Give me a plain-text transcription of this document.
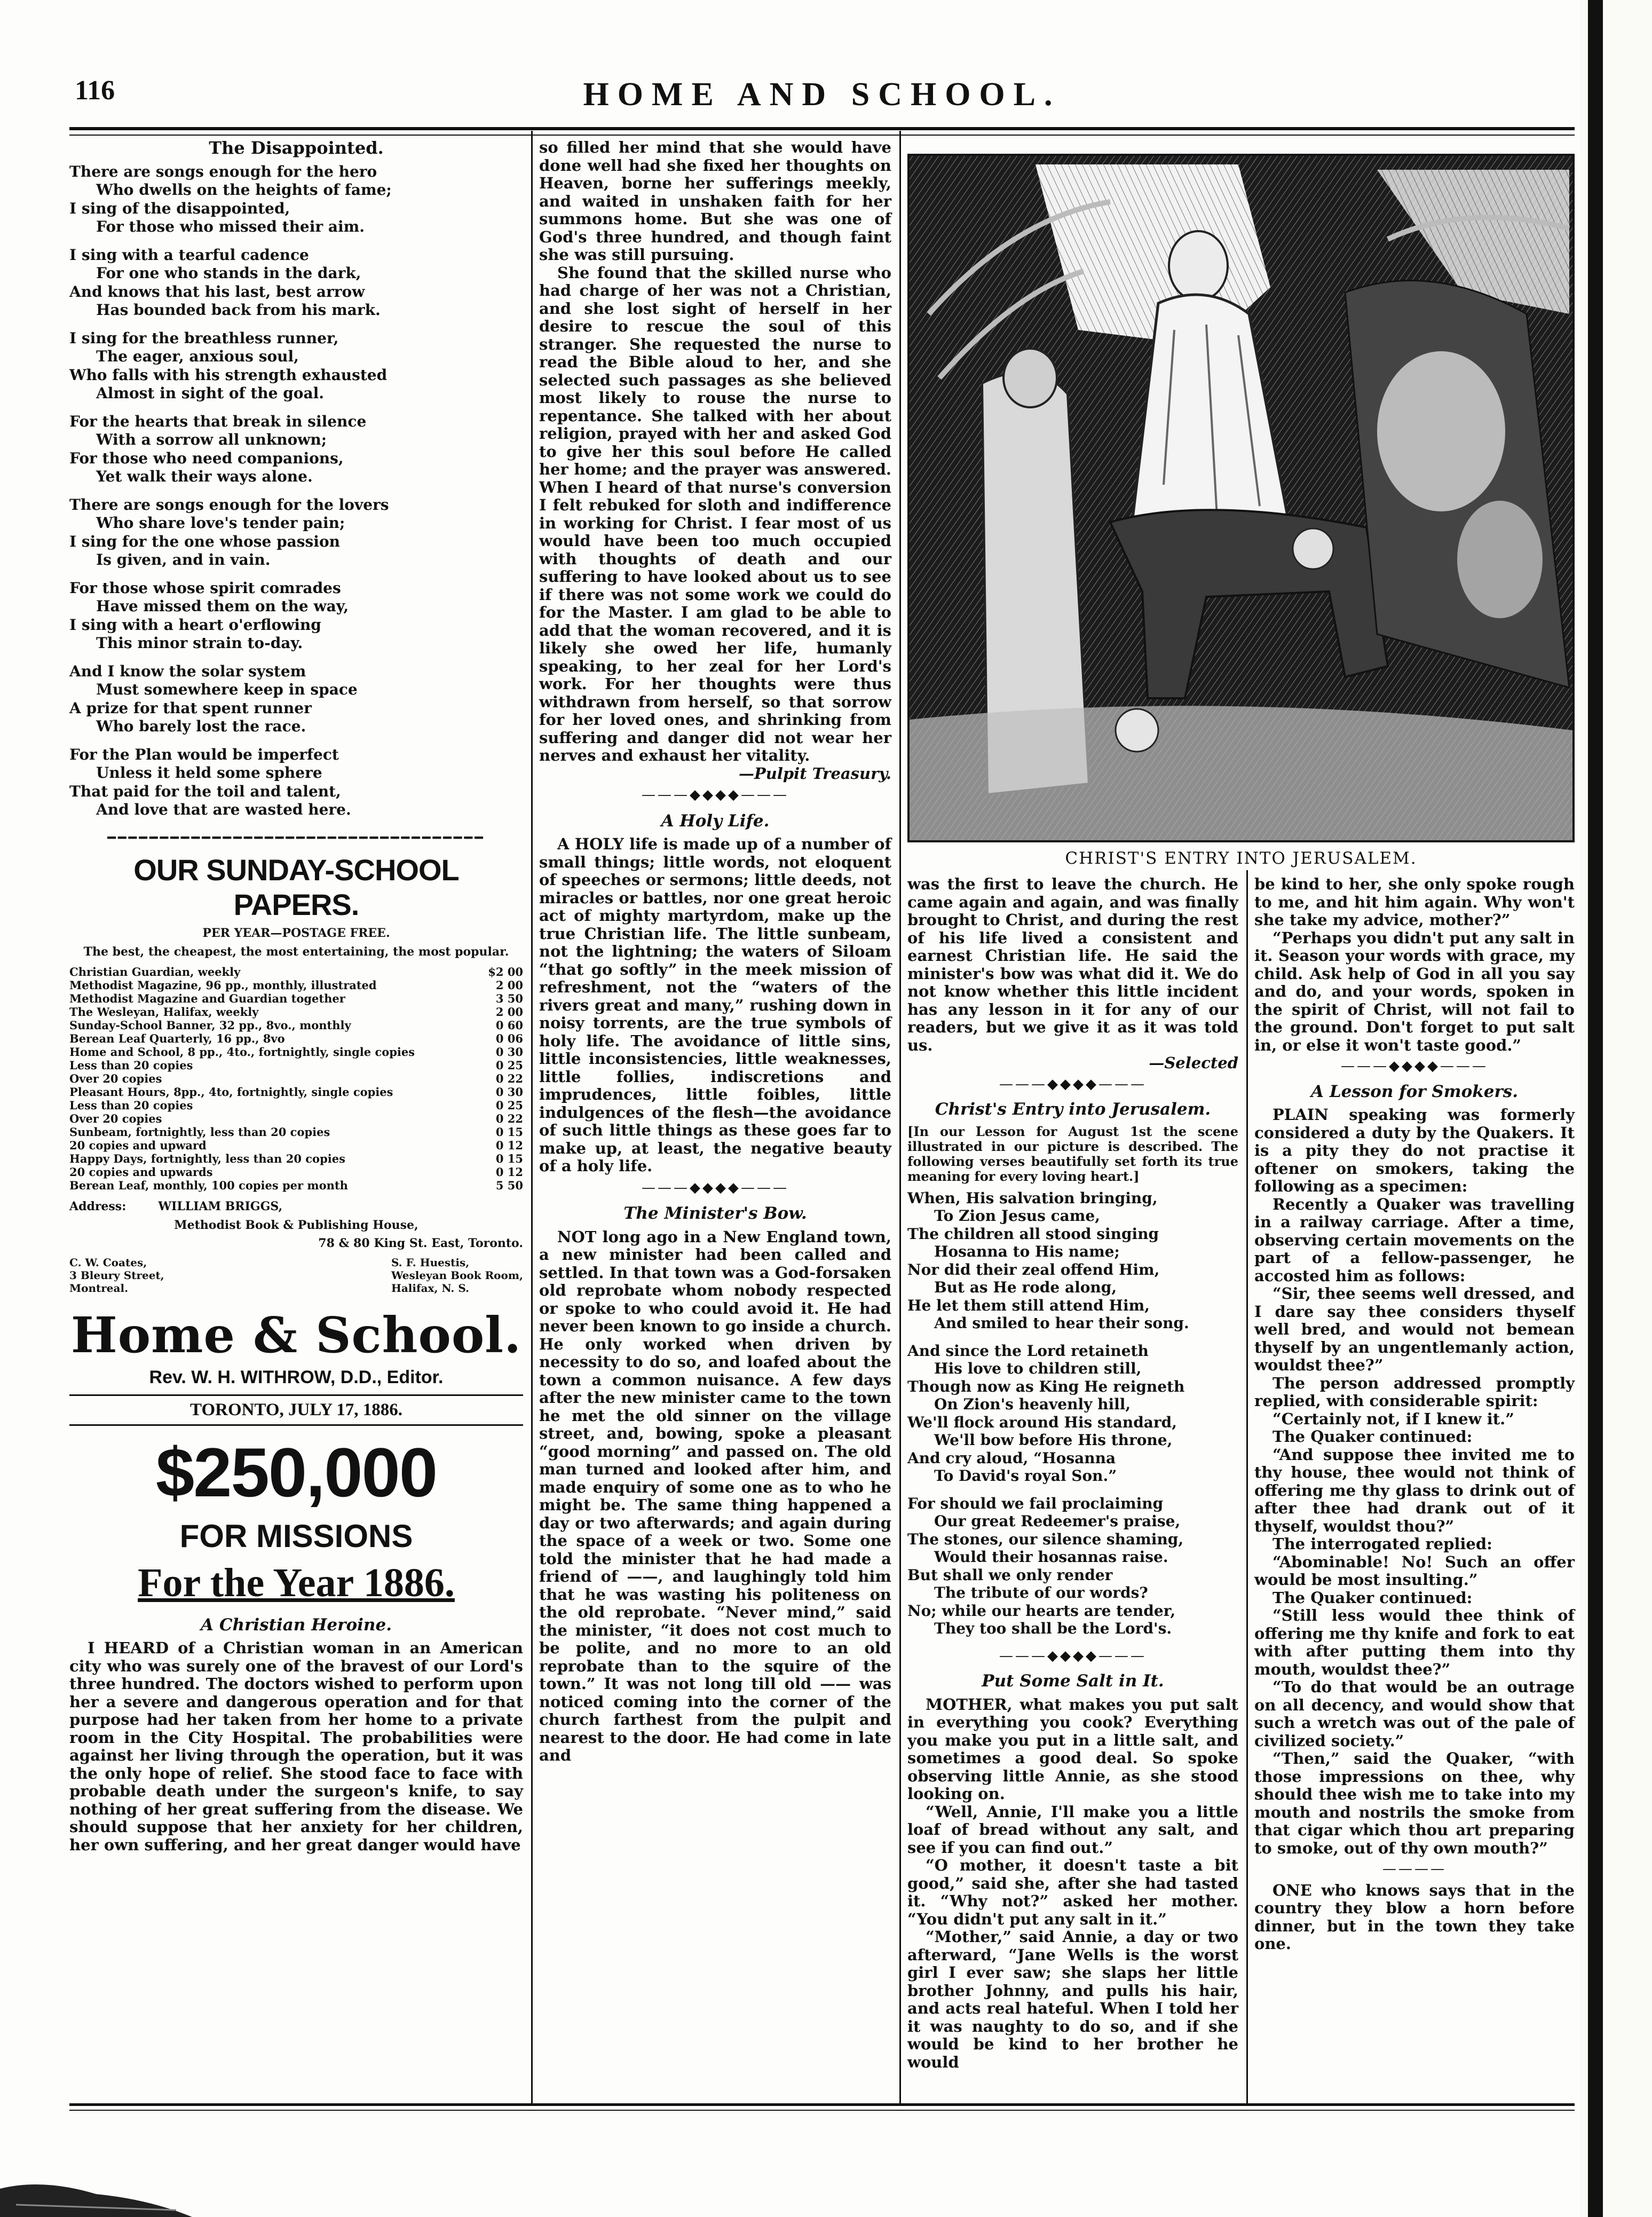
116	HOME AND SCHOOL.
The Disappointed.
There are songs enough for the hero
Who dwells on the heights of fame;
I sing of the disappointed,
For those who missed their aim.
I sing with a tearful cadence
For one who stands in the dark,
And knows that his last, best arrow
Has bounded back from his mark.
I sing for the breathless runner,
The eager, anxious soul,
Who falls with his strength exhausted
Almost in sight of the goal.
For the hearts that break in silence
With a sorrow all unknown;
For those who need companions,
Yet walk their ways alone.
There are songs enough for the lovers
Who share love's tender pain;
I sing for the one whose passion
Is given, and in vain.
For those whose spirit comrades
Have missed them on the way,
I sing with a heart o'erflowing
This minor strain to-day.
And I know the solar system
Must somewhere keep in space
A prize for that spent runner
Who barely lost the race.
For the Plan would be imperfect
Unless it held some sphere
That paid for the toil and talent,
And love that are wasted here.
━━━━━━━━━━━━━━━━━━━━━━━━━━━━━━━━━━━━
OUR SUNDAY-SCHOOL PAPERS.
PER YEAR—POSTAGE FREE.
The best, the cheapest, the most entertaining, the most popular.
Christian Guardian, weekly	$2 00
Methodist Magazine, 96 pp., monthly, illustrated	2 00
Methodist Magazine and Guardian together	3 50
The Wesleyan, Halifax, weekly	2 00
Sunday-School Banner, 32 pp., 8vo., monthly	0 60
Berean Leaf Quarterly, 16 pp., 8vo	0 06
Home and School, 8 pp., 4to., fortnightly, single copies	0 30
Less than 20 copies	0 25
Over 20 copies	0 22
Pleasant Hours, 8pp., 4to, fortnightly, single copies	0 30
Less than 20 copies	0 25
Over 20 copies	0 22
Sunbeam, fortnightly, less than 20 copies	0 15
20 copies and upward	0 12
Happy Days, fortnightly, less than 20 copies	0 15
20 copies and upwards	0 12
Berean Leaf, monthly, 100 copies per month	5 50
Address:	WILLIAM BRIGGS,
Methodist Book & Publishing House,
78 & 80 King St. East, Toronto.
C. W. Coates,
3 Bleury Street,
Montreal.
S. F. Huestis,
Wesleyan Book Room,
Halifax, N. S.
Home & School.
Rev. W. H. WITHROW, D.D., Editor.
TORONTO, JULY 17, 1886.
$250,000
FOR MISSIONS
For the Year 1886.
A Christian Heroine.

I HEARD of a Christian woman in an American city who was surely one of the bravest of our Lord's three hundred. The doctors wished to perform upon her a severe and dangerous operation and for that purpose had her taken from her home to a private room in the City Hospital. The probabilities were against her living through the operation, but it was the only hope of relief. She stood face to face with probable death under the surgeon's knife, to say nothing of her great suffering from the disease. We should suppose that her anxiety for her children, her own suffering, and her great danger would have

so filled her mind that she would have done well had she fixed her thoughts on Heaven, borne her sufferings meekly, and waited in unshaken faith for her summons home. But she was one of God's three hundred, and though faint she was still pursuing.

She found that the skilled nurse who had charge of her was not a Christian, and she lost sight of herself in her desire to rescue the soul of this stranger. She requested the nurse to read the Bible aloud to her, and she selected such passages as she believed most likely to rouse the nurse to repentance. She talked with her about religion, prayed with her and asked God to give her this soul before He called her home; and the prayer was answered. When I heard of that nurse's conversion I felt rebuked for sloth and indifference in working for Christ. I fear most of us would have been too much occupied with thoughts of death and our suffering to have looked about us to see if there was not some work we could do for the Master. I am glad to be able to add that the woman recovered, and it is likely she owed her life, humanly speaking, to her zeal for her Lord's work. For her thoughts were thus withdrawn from herself, so that sorrow for her loved ones, and shrinking from suffering and danger did not wear her nerves and exhaust her vitality.

—Pulpit Treasury.

———◆◆◆◆———
A Holy Life.

A HOLY life is made up of a number of small things; little words, not eloquent of speeches or sermons; little deeds, not miracles or battles, nor one great heroic act of mighty martyrdom, make up the true Christian life. The little sunbeam, not the lightning; the waters of Siloam “that go softly” in the meek mission of refreshment, not the “waters of the rivers great and many,” rushing down in noisy torrents, are the true symbols of holy life. The avoidance of little sins, little inconsistencies, little weaknesses, little follies, indiscretions and imprudences, little foibles, little indulgences of the flesh—the avoidance of such little things as these goes far to make up, at least, the negative beauty of a holy life.

———◆◆◆◆———
The Minister's Bow.

NOT long ago in a New England town, a new minister had been called and settled. In that town was a God-forsaken old reprobate whom nobody respected or spoke to who could avoid it. He had never been known to go inside a church. He only worked when driven by necessity to do so, and loafed about the town a common nuisance. A few days after the new minister came to the town he met the old sinner on the village street, and, bowing, spoke a pleasant “good morning” and passed on. The old man turned and looked after him, and made enquiry of some one as to who he might be. The same thing happened a day or two afterwards; and again during the space of a week or two. Some one told the minister that he had made a friend of ——, and laughingly told him that he was wasting his politeness on the old reprobate. “Never mind,” said the minister, “it does not cost much to be polite, and no more to an old reprobate than to the squire of the town.” It was not long till old —— was noticed coming into the corner of the church farthest from the pulpit and nearest to the door. He had come in late and

CHRIST'S ENTRY INTO JERUSALEM.

was the first to leave the church. He came again and again, and was finally brought to Christ, and during the rest of his life lived a consistent and earnest Christian life. He said the minister's bow was what did it. We do not know whether this little incident has any lesson in it for any of our readers, but we give it as it was told us.

—Selected

———◆◆◆◆———
Christ's Entry into Jerusalem.
[In our Lesson for August 1st the scene illustrated in our picture is described. The following verses beautifully set forth its true meaning for every loving heart.]
When, His salvation bringing,
To Zion Jesus came,
The children all stood singing
Hosanna to His name;
Nor did their zeal offend Him,
But as He rode along,
He let them still attend Him,
And smiled to hear their song.
And since the Lord retaineth
His love to children still,
Though now as King He reigneth
On Zion's heavenly hill,
We'll flock around His standard,
We'll bow before His throne,
And cry aloud, “Hosanna
To David's royal Son.”
For should we fail proclaiming
Our great Redeemer's praise,
The stones, our silence shaming,
Would their hosannas raise.
But shall we only render
The tribute of our words?
No; while our hearts are tender,
They too shall be the Lord's.
———◆◆◆◆———
Put Some Salt in It.

MOTHER, what makes you put salt in everything you cook? Everything you make you put in a little salt, and sometimes a good deal. So spoke observing little Annie, as she stood looking on.

“Well, Annie, I'll make you a little loaf of bread without any salt, and see if you can find out.”

“O mother, it doesn't taste a bit good,” said she, after she had tasted it. “Why not?” asked her mother. “You didn't put any salt in it.”

“Mother,” said Annie, a day or two afterward, “Jane Wells is the worst girl I ever saw; she slaps her little brother Johnny, and pulls his hair, and acts real hateful. When I told her it was naughty to do so, and if she would be kind to her brother he would

be kind to her, she only spoke rough to me, and hit him again. Why won't she take my advice, mother?”

“Perhaps you didn't put any salt in it. Season your words with grace, my child. Ask help of God in all you say and do, and your words, spoken in the spirit of Christ, will not fail to the ground. Don't forget to put salt in, or else it won't taste good.”

———◆◆◆◆———
A Lesson for Smokers.

PLAIN speaking was formerly considered a duty by the Quakers. It is a pity they do not practise it oftener on smokers, taking the following as a specimen:

Recently a Quaker was travelling in a railway carriage. After a time, observing certain movements on the part of a fellow-passenger, he accosted him as follows:

“Sir, thee seems well dressed, and I dare say thee considers thyself well bred, and would not bemean thyself by an ungentlemanly action, wouldst thee?”

The person addressed promptly replied, with considerable spirit:

“Certainly not, if I knew it.”

The Quaker continued:

“And suppose thee invited me to thy house, thee would not think of offering me thy glass to drink out of after thee had drank out of it thyself, wouldst thou?”

The interrogated replied:

“Abominable! No! Such an offer would be most insulting.”

The Quaker continued:

“Still less would thee think of offering me thy knife and fork to eat with after putting them into thy mouth, wouldst thee?”

“To do that would be an outrage on all decency, and would show that such a wretch was out of the pale of civilized society.”

“Then,” said the Quaker, “with those impressions on thee, why should thee wish me to take into my mouth and nostrils the smoke from that cigar which thou art preparing to smoke, out of thy own mouth?”

————

ONE who knows says that in the country they blow a horn before dinner, but in the town they take one.
